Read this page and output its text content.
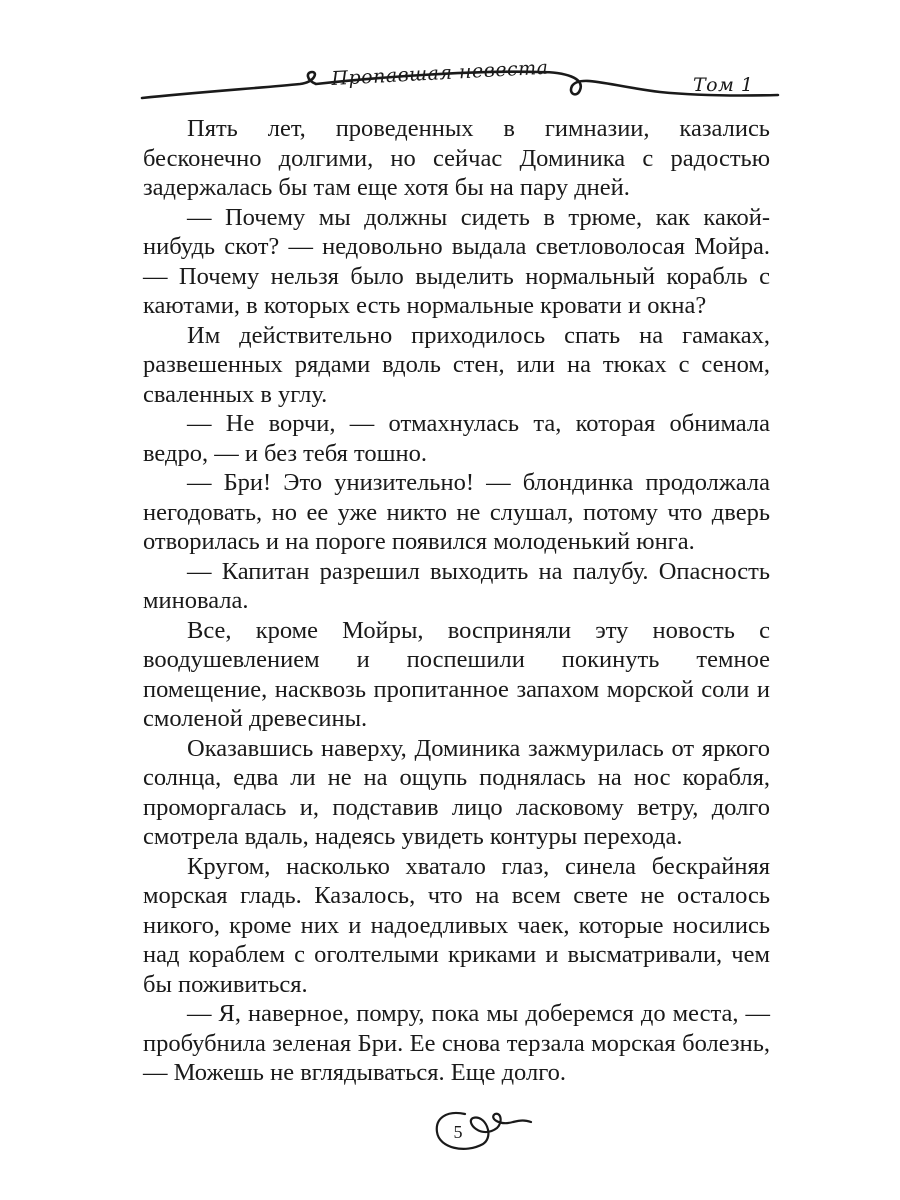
Пропавшая невеста	Том 1

Пять лет, проведенных в гимназии, казались бесконечно долгими, но сейчас Доминика с радостью задержалась бы там еще хотя бы на пару дней.

— Почему мы должны сидеть в трюме, как какой-нибудь скот? — недовольно выдала светловолосая Мойра. — Почему нельзя было выделить нормальный корабль с каютами, в которых есть нормальные кровати и окна?

Им действительно приходилось спать на гамаках, развешенных рядами вдоль стен, или на тюках с сеном, сваленных в углу.

— Не ворчи, — отмахнулась та, которая обнимала ведро, — и без тебя тошно.

— Бри! Это унизительно! — блондинка продолжала негодовать, но ее уже никто не слушал, потому что дверь отворилась и на пороге появился молоденький юнга.

— Капитан разрешил выходить на палубу. Опасность миновала.

Все, кроме Мойры, восприняли эту новость с воодушевлением и поспешили покинуть темное помещение, насквозь пропитанное запахом морской соли и смоленой древесины.

Оказавшись наверху, Доминика зажмурилась от яркого солнца, едва ли не на ощупь поднялась на нос корабля, проморгалась и, подставив лицо ласковому ветру, долго смотрела вдаль, надеясь увидеть контуры перехода.

Кругом, насколько хватало глаз, синела бескрайняя морская гладь. Казалось, что на всем свете не осталось никого, кроме них и надоедливых чаек, которые носились над кораблем с оголтелыми криками и высматривали, чем бы поживиться.

— Я, наверное, помру, пока мы доберемся до места, — пробубнила зеленая Бри. Ее снова терзала морская болезнь, — Можешь не вглядываться. Еще долго.

5
